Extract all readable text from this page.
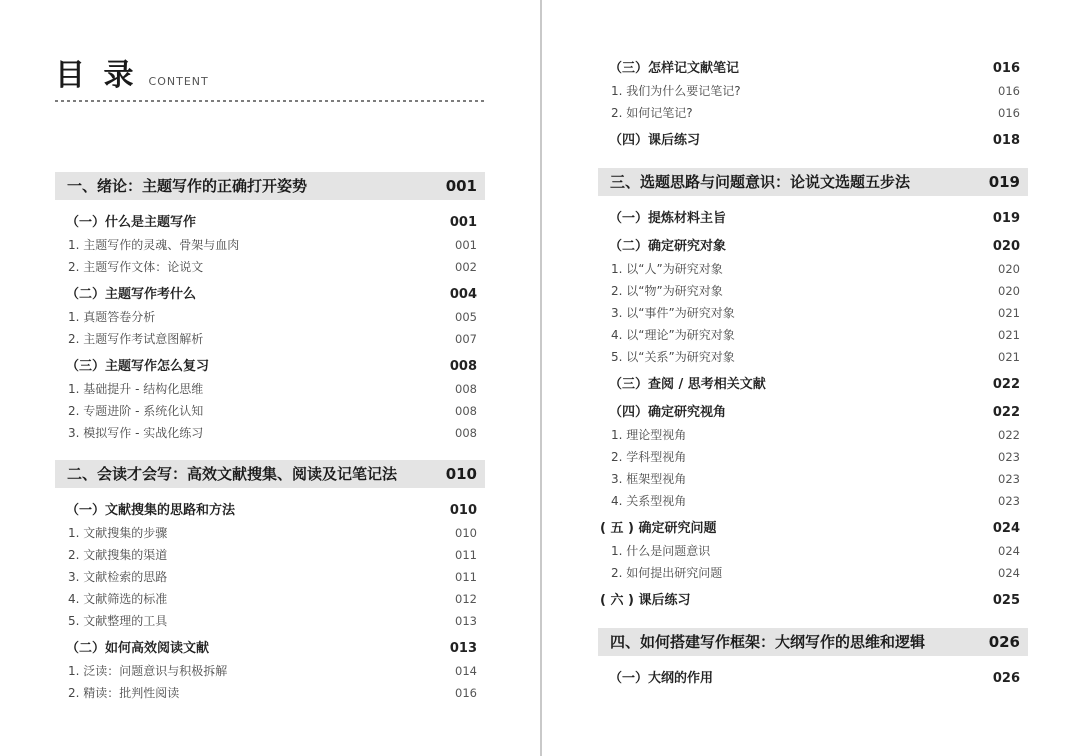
目 录 CONTENT
一、绪论：主题写作的正确打开姿势	001
（一）什么是主题写作	001
1. 主题写作的灵魂、骨架与血肉	001
2. 主题写作文体：论说文	002
（二）主题写作考什么	004
1. 真题答卷分析	005
2. 主题写作考试意图解析	007
（三）主题写作怎么复习	008
1. 基础提升 - 结构化思维	008
2. 专题进阶 - 系统化认知	008
3. 模拟写作 - 实战化练习	008
二、会读才会写：高效文献搜集、阅读及记笔记法	010
（一）文献搜集的思路和方法	010
1. 文献搜集的步骤	010
2. 文献搜集的渠道	011
3. 文献检索的思路	011
4. 文献筛选的标准	012
5. 文献整理的工具	013
（二）如何高效阅读文献	013
1. 泛读：问题意识与积极拆解	014
2. 精读：批判性阅读	016
（三）怎样记文献笔记	016
1. 我们为什么要记笔记?	016
2. 如何记笔记?	016
（四）课后练习	018
三、选题思路与问题意识：论说文选题五步法	019
（一）提炼材料主旨	019
（二）确定研究对象	020
1. 以“人”为研究对象	020
2. 以“物”为研究对象	020
3. 以“事件”为研究对象	021
4. 以“理论”为研究对象	021
5. 以“关系”为研究对象	021
（三）查阅 / 思考相关文献	022
（四）确定研究视角	022
1. 理论型视角	022
2. 学科型视角	023
3. 框架型视角	023
4. 关系型视角	023
( 五 ) 确定研究问题	024
1. 什么是问题意识	024
2. 如何提出研究问题	024
( 六 ) 课后练习	025
四、如何搭建写作框架：大纲写作的思维和逻辑	026
（一）大纲的作用	026
